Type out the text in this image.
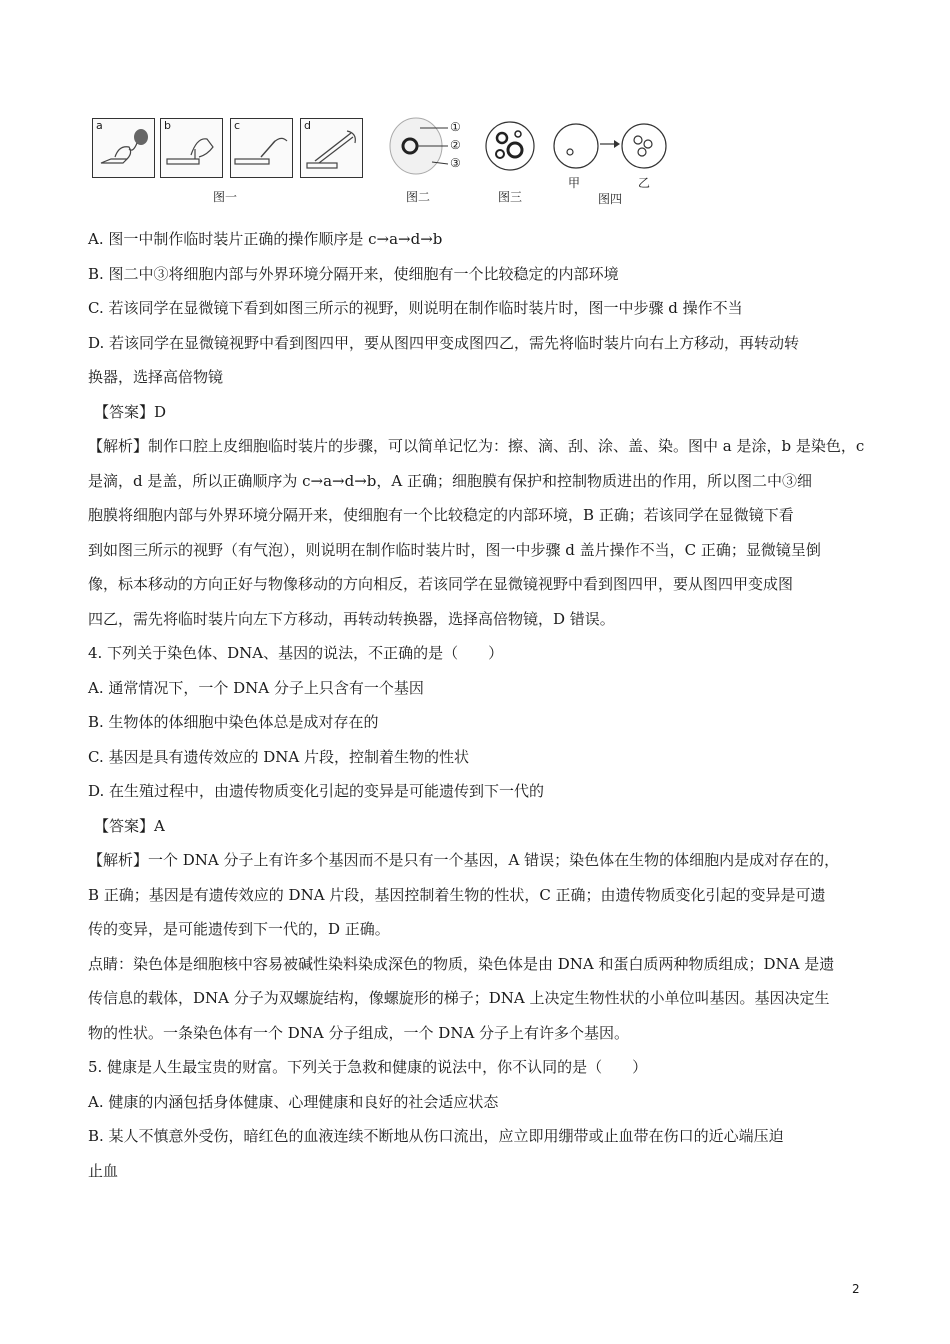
a	b	c	d
图一
①
②
③
图二	图三
甲	乙
图四
A. 图一中制作临时装片正确的操作顺序是 c→a→d→b
B. 图二中③将细胞内部与外界环境分隔开来，使细胞有一个比较稳定的内部环境
C. 若该同学在显微镜下看到如图三所示的视野，则说明在制作临时装片时，图一中步骤 d 操作不当
D. 若该同学在显微镜视野中看到图四甲，要从图四甲变成图四乙，需先将临时装片向右上方移动，再转动转
换器，选择高倍物镜
【答案】D
【解析】制作口腔上皮细胞临时装片的步骤，可以简单记忆为：擦、滴、刮、涂、盖、染。图中 a 是涂，b 是染色，c
是滴，d 是盖，所以正确顺序为 c→a→d→b，A 正确；细胞膜有保护和控制物质进出的作用，所以图二中③细
胞膜将细胞内部与外界环境分隔开来，使细胞有一个比较稳定的内部环境，B 正确；若该同学在显微镜下看
到如图三所示的视野（有气泡），则说明在制作临时装片时，图一中步骤 d 盖片操作不当，C 正确；显微镜呈倒
像，标本移动的方向正好与物像移动的方向相反，若该同学在显微镜视野中看到图四甲，要从图四甲变成图
四乙，需先将临时装片向左下方移动，再转动转换器，选择高倍物镜，D 错误。
4. 下列关于染色体、DNA、基因的说法，不正确的是（　　）
A. 通常情况下，一个 DNA 分子上只含有一个基因
B. 生物体的体细胞中染色体总是成对存在的
C. 基因是具有遗传效应的 DNA 片段，控制着生物的性状
D. 在生殖过程中，由遗传物质变化引起的变异是可能遗传到下一代的
【答案】A
【解析】一个 DNA 分子上有许多个基因而不是只有一个基因，A 错误；染色体在生物的体细胞内是成对存在的，
B 正确；基因是有遗传效应的 DNA 片段，基因控制着生物的性状，C 正确；由遗传物质变化引起的变异是可遗
传的变异，是可能遗传到下一代的，D 正确。
点睛：染色体是细胞核中容易被碱性染料染成深色的物质，染色体是由 DNA 和蛋白质两种物质组成；DNA 是遗
传信息的载体，DNA 分子为双螺旋结构，像螺旋形的梯子；DNA 上决定生物性状的小单位叫基因。基因决定生
物的性状。一条染色体有一个 DNA 分子组成，一个 DNA 分子上有许多个基因。
5. 健康是人生最宝贵的财富。下列关于急救和健康的说法中，你不认同的是（　　）
A. 健康的内涵包括身体健康、心理健康和良好的社会适应状态
B. 某人不慎意外受伤，暗红色的血液连续不断地从伤口流出，应立即用绷带或止血带在伤口的近心端压迫
止血
2
